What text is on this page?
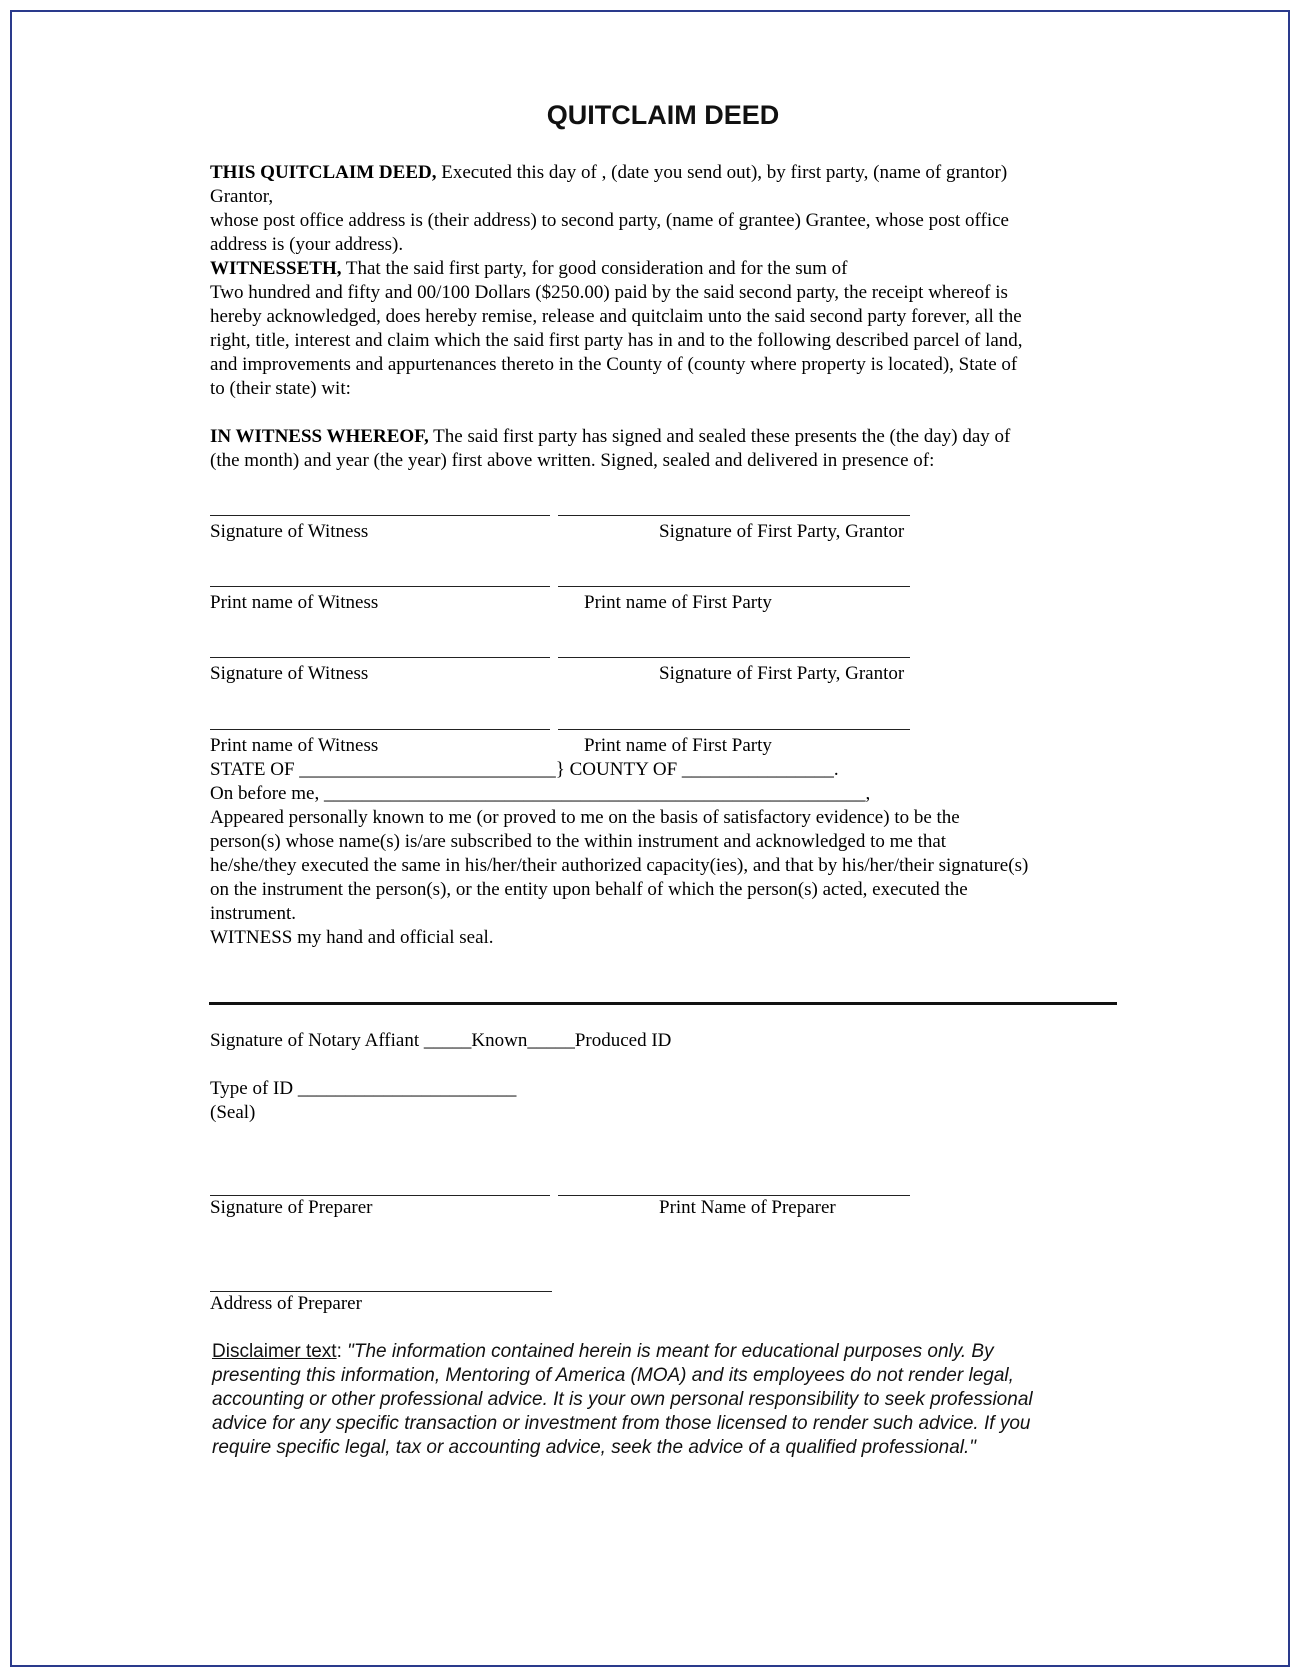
QUITCLAIM DEED
THIS QUITCLAIM DEED, Executed this day of , (date you send out), by first party, (name of grantor)
Grantor,
whose post office address is (their address) to second party, (name of grantee) Grantee, whose post office
address is (your address).
WITNESSETH, That the said first party, for good consideration and for the sum of
Two hundred and fifty and 00/100 Dollars ($250.00) paid by the said second party, the receipt whereof is
hereby acknowledged, does hereby remise, release and quitclaim unto the said second party forever, all the
right, title, interest and claim which the said first party has in and to the following described parcel of land,
and improvements and appurtenances thereto in the County of (county where property is located), State of
to (their state) wit:
IN WITNESS WHEREOF, The said first party has signed and sealed these presents the (the day) day of
(the month) and year (the year) first above written. Signed, sealed and delivered in presence of:
Signature of Witness	Signature of First Party, Grantor
Print name of Witness	Print name of First Party
Signature of Witness	Signature of First Party, Grantor
Print name of Witness	Print name of First Party
STATE OF ___________________________} COUNTY OF ________________.
On before me, _________________________________________________________,
Appeared personally known to me (or proved to me on the basis of satisfactory evidence) to be the
person(s) whose name(s) is/are subscribed to the within instrument and acknowledged to me that
he/she/they executed the same in his/her/their authorized capacity(ies), and that by his/her/their signature(s)
on the instrument the person(s), or the entity upon behalf of which the person(s) acted, executed the
instrument.
WITNESS my hand and official seal.
Signature of Notary Affiant _____Known_____Produced ID
Type of ID _______________________
(Seal)
Signature of Preparer	Print Name of Preparer
Address of Preparer
Disclaimer text: "The information contained herein is meant for educational purposes only. By
presenting this information, Mentoring of America (MOA) and its employees do not render legal,
accounting or other professional advice. It is your own personal responsibility to seek professional
advice for any specific transaction or investment from those licensed to render such advice. If you
require specific legal, tax or accounting advice, seek the advice of a qualified professional."
